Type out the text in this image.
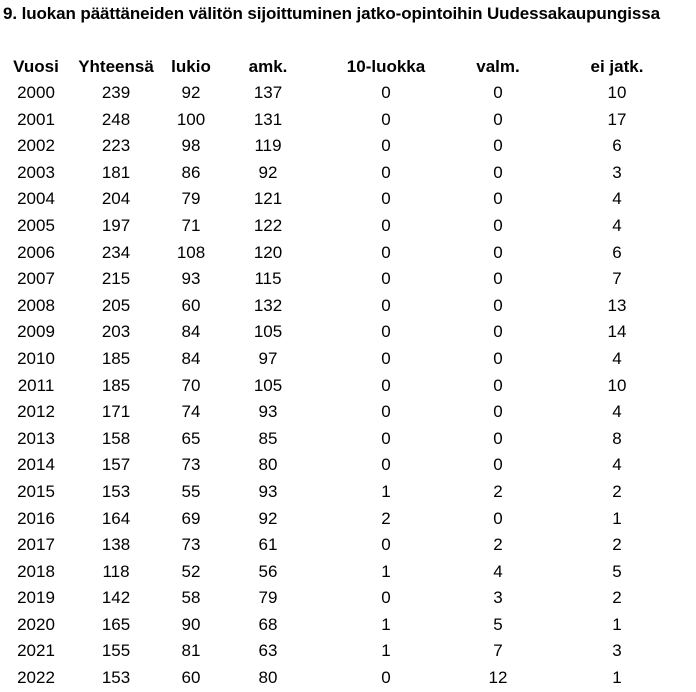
9. luokan päättäneiden välitön sijoittuminen jatko-opintoihin Uudessakaupungissa
Vuosi	Yhteensä	lukio	amk.	10-luokka	valm.	ei jatk.
2000	239	92	137	0	0	10
2001	248	100	131	0	0	17
2002	223	98	119	0	0	6
2003	181	86	92	0	0	3
2004	204	79	121	0	0	4
2005	197	71	122	0	0	4
2006	234	108	120	0	0	6
2007	215	93	115	0	0	7
2008	205	60	132	0	0	13
2009	203	84	105	0	0	14
2010	185	84	97	0	0	4
2011	185	70	105	0	0	10
2012	171	74	93	0	0	4
2013	158	65	85	0	0	8
2014	157	73	80	0	0	4
2015	153	55	93	1	2	2
2016	164	69	92	2	0	1
2017	138	73	61	0	2	2
2018	118	52	56	1	4	5
2019	142	58	79	0	3	2
2020	165	90	68	1	5	1
2021	155	81	63	1	7	3
2022	153	60	80	0	12	1
